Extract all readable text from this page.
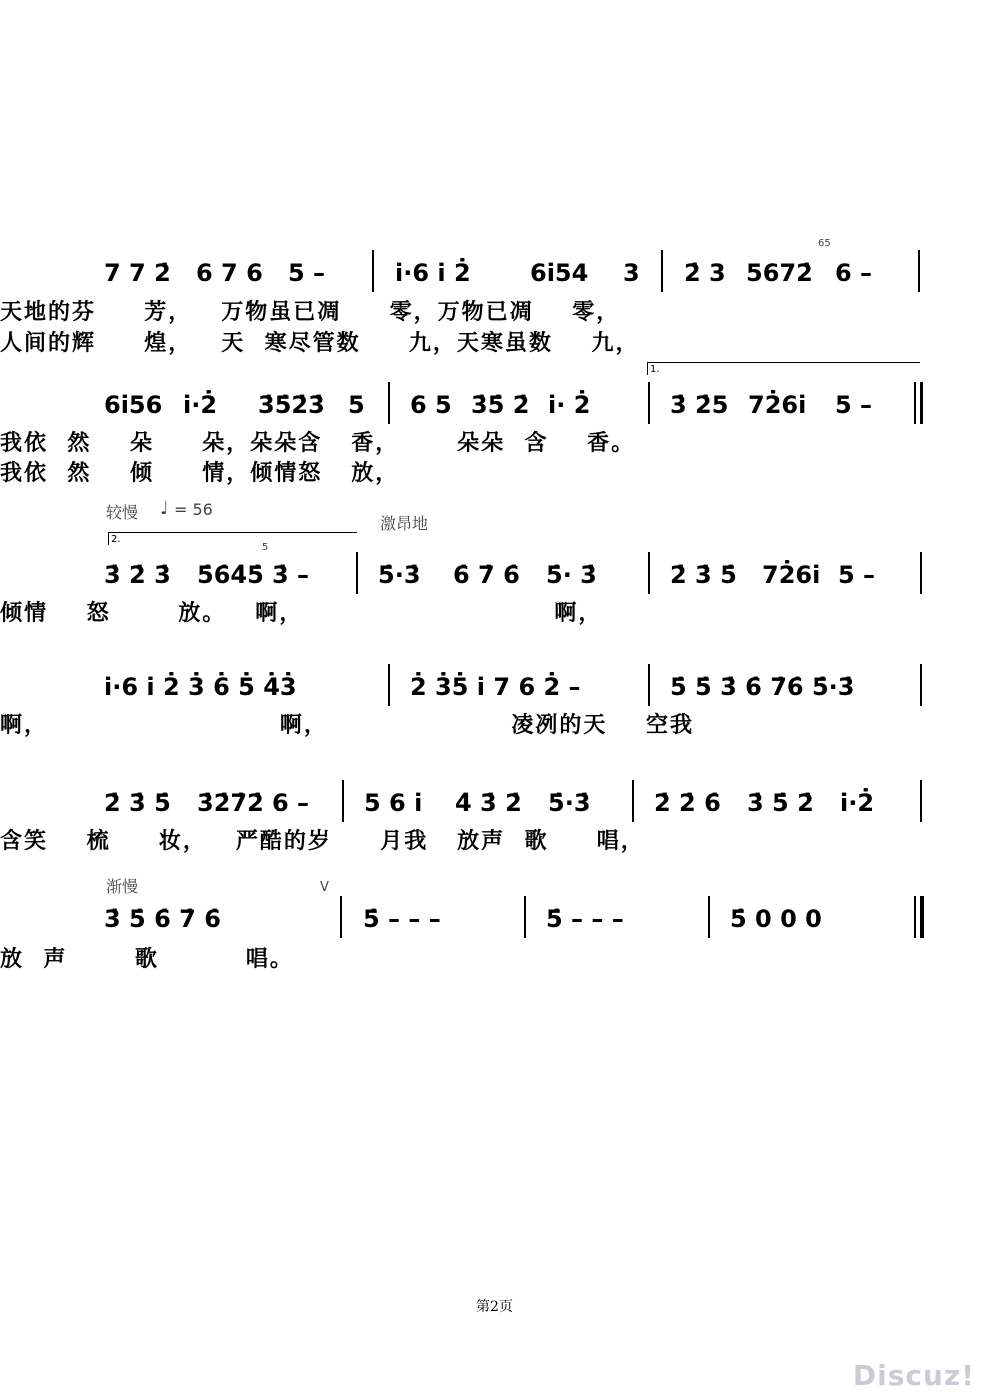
7 7 2̇ 6 7 6 5 –	i̇·6 i̇ 2̇ 6i̇54 3 2̇ 3 5672̇
65
6 –
天地的芬     芳，   万物虽已凋     零，万物已凋    零，
人间的辉     煌，   天  寒尽管数     九，天寒虽数    九，
1.
6i̇56 i̇·2̇ 3̇5̇2̇3̇ 5 6 5 3̇5̇ 2̇ i̇· 2̇	3̇ 2̇5 72̇6i̇ 5 –
我依  然    朵     朵，朵朵含   香，      朵朵  含    香。
我依  然    倾     情，倾情怒   放，
较慢 ♩ = 56
激昂地
2.
3̇ 2̇ 3̇ 5̇6̇4̇5̇
5
3̇ –	5̇·3̇ 6̇ 7̇ 6̇ 5̇· 3̇	2̇ 3̇ 5̇ 72̇6i̇ 5 –
倾情    怒       放。   啊，                          啊，
i̇·6 i̇ 2̇ 3̇ 6̇ 5̇ 4̇3̇	2̇ 3̇5̇ i̇ 7 6 2̇ –	5̇ 5̇ 3̇ 6̇ 7̇6̇ 5̇·3̇
啊，                        啊，                   凌冽的天    空我
2̇ 3̇ 5̇ 3̇2̇7̇2̇ 6 – 5 6 i̇ 4̇ 3̇ 2̇ 5̇·3̇	2̇ 2̇ 6̇ 3̇ 5̇ 2̇ i̇·2̇
含笑    梳     妆，   严酷的岁     月我   放声  歌     唱，
渐慢	V
3̇ 5̇ 6̇ 7̇ 6̇	5̇ – – –	5̇ – – –	5̇ 0 0 0
放  声       歌         唱。
第2页
Discuz!
